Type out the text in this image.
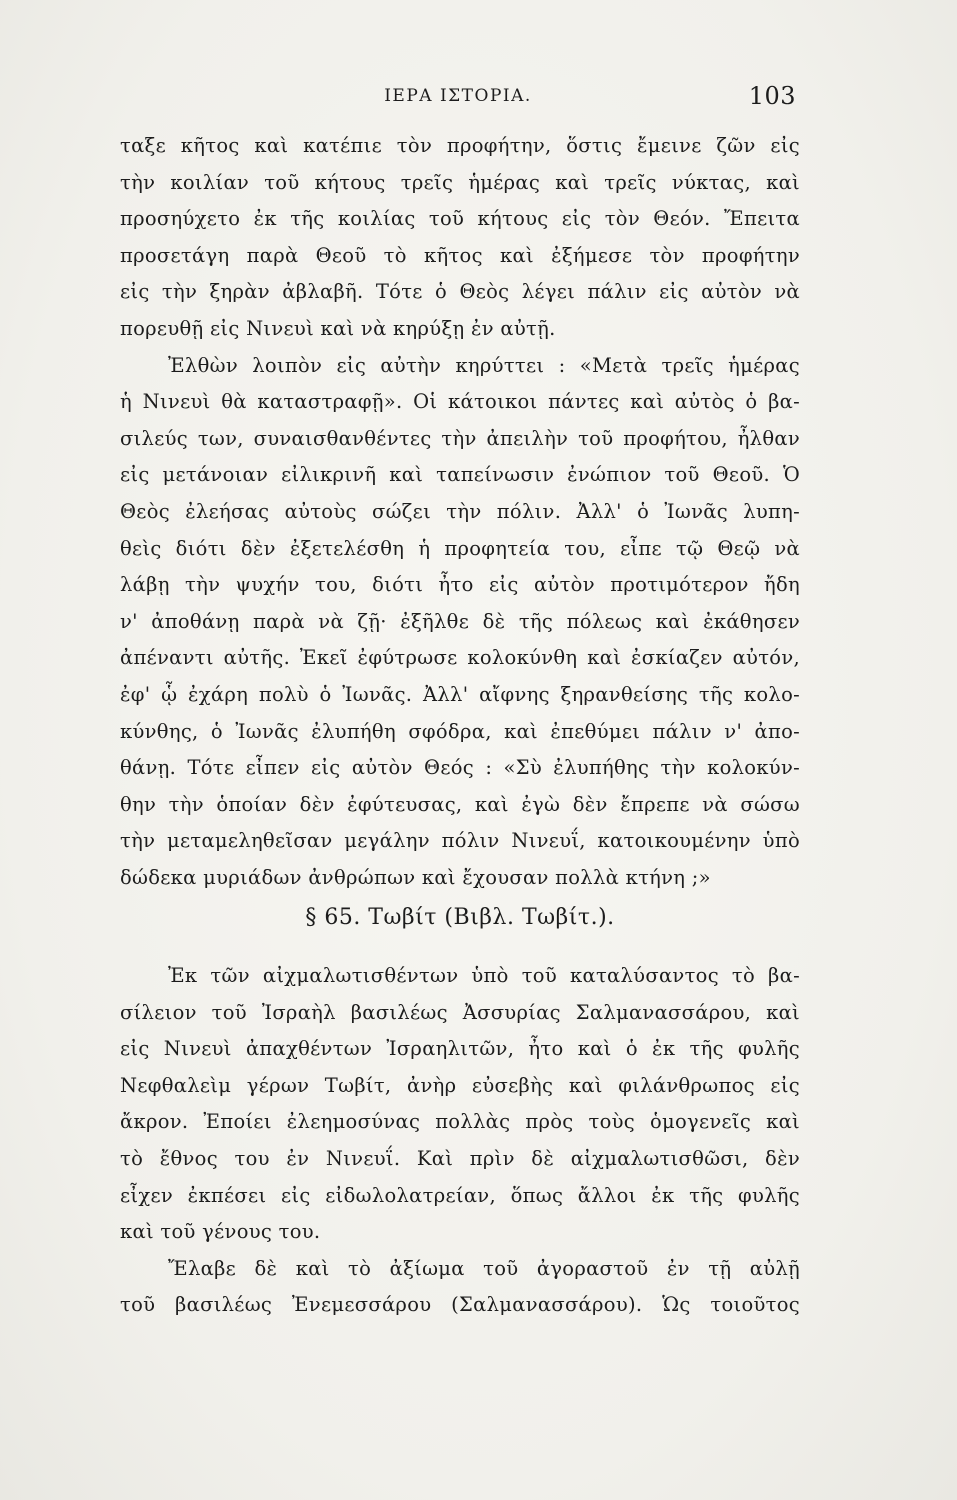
ΙΕΡΑ ΙΣΤΟΡΙΑ.	103
ταξε κῆτος καὶ κατέπιε τὸν προφήτην, ὅστις ἔμεινε ζῶν εἰς
τὴν κοιλίαν τοῦ κήτους τρεῖς ἡμέρας καὶ τρεῖς νύκτας, καὶ
προσηύχετο ἐκ τῆς κοιλίας τοῦ κήτους εἰς τὸν Θεόν. Ἔπειτα
προσετάγη παρὰ Θεοῦ τὸ κῆτος καὶ ἐξήμεσε τὸν προφήτην
εἰς τὴν ξηρὰν ἀβλαβῆ. Τότε ὁ Θεὸς λέγει πάλιν εἰς αὐτὸν νὰ
πορευθῇ εἰς Νινευὶ καὶ νὰ κηρύξῃ ἐν αὐτῇ.
Ἐλθὼν λοιπὸν εἰς αὐτὴν κηρύττει : «Μετὰ τρεῖς ἡμέρας
ἡ Νινευὶ θὰ καταστραφῇ». Οἱ κάτοικοι πάντες καὶ αὐτὸς ὁ βα-
σιλεύς των, συναισθανθέντες τὴν ἀπειλὴν τοῦ προφήτου, ἦλθαν
εἰς μετάνοιαν εἰλικρινῆ καὶ ταπείνωσιν ἐνώπιον τοῦ Θεοῦ. Ὁ
Θεὸς ἐλεήσας αὐτοὺς σώζει τὴν πόλιν. Ἀλλ' ὁ Ἰωνᾶς λυπη-
θεὶς διότι δὲν ἐξετελέσθη ἡ προφητεία του, εἶπε τῷ Θεῷ νὰ
λάβῃ τὴν ψυχήν του, διότι ἦτο εἰς αὐτὸν προτιμότερον ἤδη
ν' ἀποθάνῃ παρὰ νὰ ζῇ· ἐξῆλθε δὲ τῆς πόλεως καὶ ἐκάθησεν
ἀπέναντι αὐτῆς. Ἐκεῖ ἐφύτρωσε κολοκύνθη καὶ ἐσκίαζεν αὐτόν,
ἐφ' ᾧ ἐχάρη πολὺ ὁ Ἰωνᾶς. Ἀλλ' αἴφνης ξηρανθείσης τῆς κολο-
κύνθης, ὁ Ἰωνᾶς ἐλυπήθη σφόδρα, καὶ ἐπεθύμει πάλιν ν' ἀπο-
θάνῃ. Τότε εἶπεν εἰς αὐτὸν Θεός : «Σὺ ἐλυπήθης τὴν κολοκύν-
θην τὴν ὁποίαν δὲν ἐφύτευσας, καὶ ἐγὼ δὲν ἔπρεπε νὰ σώσω
τὴν μεταμεληθεῖσαν μεγάλην πόλιν Νινευΐ, κατοικουμένην ὑπὸ
δώδεκα μυριάδων ἀνθρώπων καὶ ἔχουσαν πολλὰ κτήνη ;»
§ 65. Τωβίτ (Βιβλ. Τωβίτ.).
Ἐκ τῶν αἰχμαλωτισθέντων ὑπὸ τοῦ καταλύσαντος τὸ βα-
σίλειον τοῦ Ἰσραὴλ βασιλέως Ἀσσυρίας Σαλμανασσάρου, καὶ
εἰς Νινευὶ ἀπαχθέντων Ἰσραηλιτῶν, ἦτο καὶ ὁ ἐκ τῆς φυλῆς
Νεφθαλεὶμ γέρων Τωβίτ, ἀνὴρ εὐσεβὴς καὶ φιλάνθρωπος εἰς
ἄκρον. Ἐποίει ἐλεημοσύνας πολλὰς πρὸς τοὺς ὁμογενεῖς καὶ
τὸ ἔθνος του ἐν Νινευΐ. Καὶ πρὶν δὲ αἰχμαλωτισθῶσι, δὲν
εἶχεν ἐκπέσει εἰς εἰδωλολατρείαν, ὅπως ἄλλοι ἐκ τῆς φυλῆς
καὶ τοῦ γένους του.
Ἔλαβε δὲ καὶ τὸ ἀξίωμα τοῦ ἀγοραστοῦ ἐν τῇ αὐλῇ
τοῦ βασιλέως Ἐνεμεσσάρου (Σαλμανασσάρου). Ὡς τοιοῦτος
